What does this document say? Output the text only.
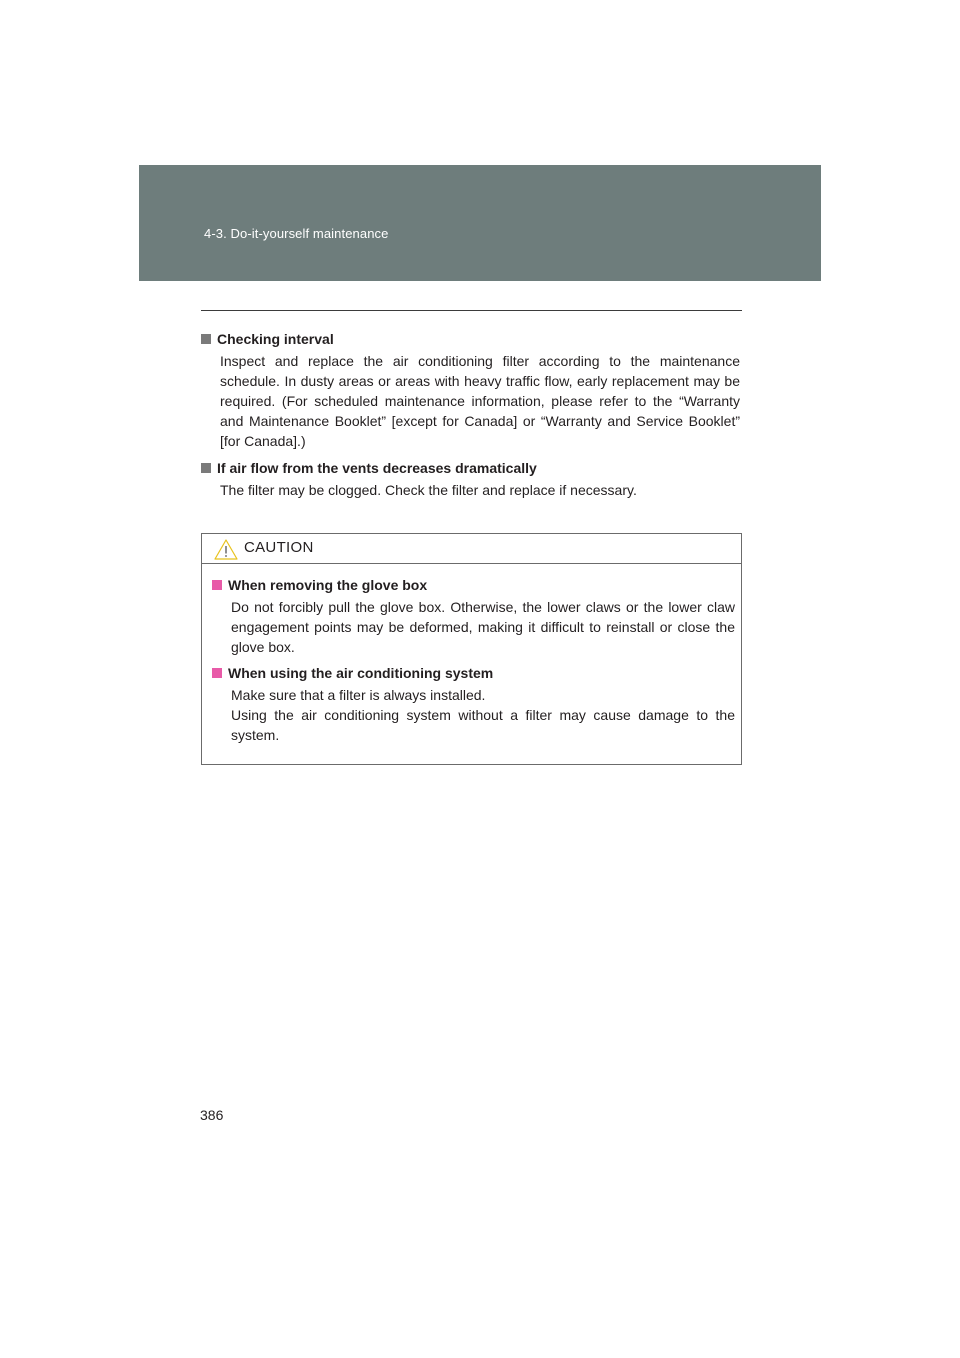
4-3. Do-it-yourself maintenance
Checking interval

Inspect and replace the air conditioning filter according to the maintenance schedule. In dusty areas or areas with heavy traffic flow, early replacement may be required. (For scheduled maintenance information, please refer to the “Warranty and Maintenance Booklet” [except for Canada] or “Warranty and Service Booklet” [for Canada].)

If air flow from the vents decreases dramatically

The filter may be clogged. Check the filter and replace if necessary.

CAUTION
When removing the glove box

Do not forcibly pull the glove box. Otherwise, the lower claws or the lower claw engagement points may be deformed, making it difficult to reinstall or close the glove box.

When using the air conditioning system

Make sure that a filter is always installed.

Using the air conditioning system without a filter may cause damage to the system.

386
